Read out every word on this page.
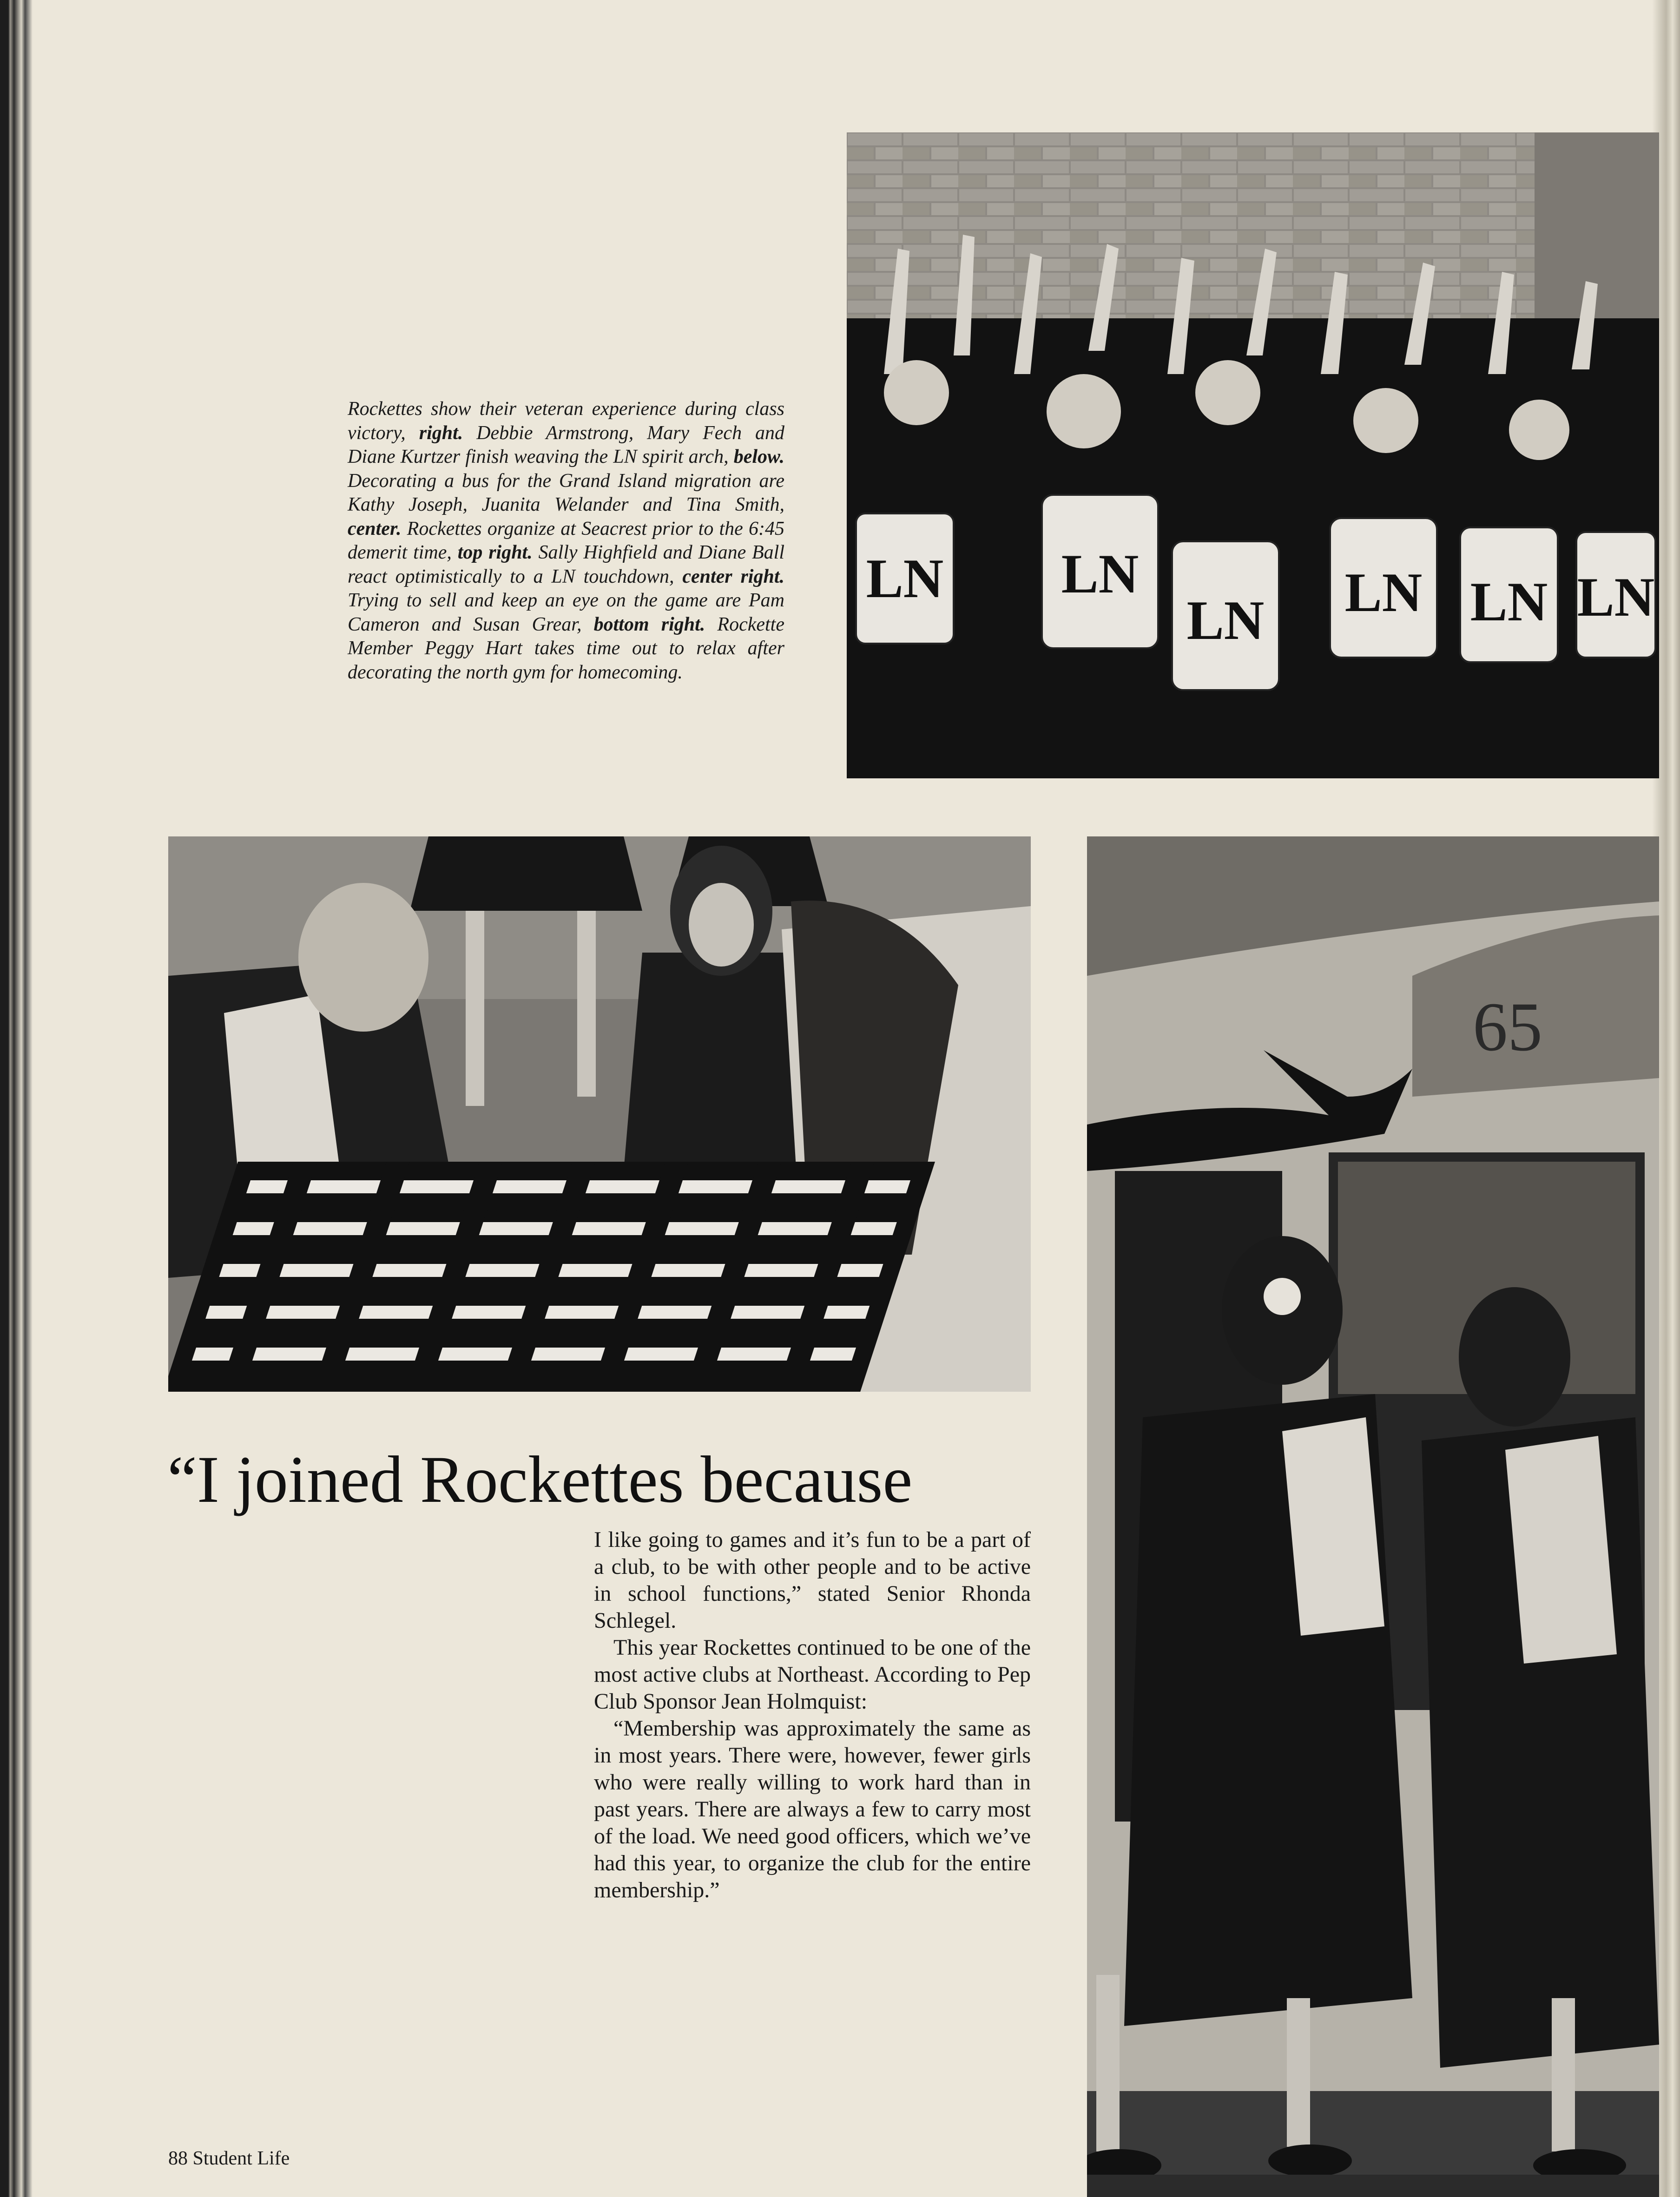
LN LN
LN LN LN LN
Rockettes show their veteran experience during class victory, right. Debbie Armstrong, Mary Fech and Diane Kurtzer finish weaving the LN spirit arch, below. Decorating a bus for the Grand Island migration are Kathy Joseph, Juanita Welander and Tina Smith, center. Rockettes organize at Seacrest prior to the 6:45 demerit time, top right. Sally Highfield and Diane Ball react optimistically to a LN touchdown, center right. Trying to sell and keep an eye on the game are Pam Cameron and Susan Grear, bottom right. Rockette Member Peggy Hart takes time out to relax after decorating the north gym for homecoming.
65
“I joined Rockettes because

I like going to games and it’s fun to be a part of a club, to be with other people and to be active in school functions,” stated Senior Rhonda Schlegel.

This year Rockettes continued to be one of the most active clubs at Northeast. According to Pep Club Sponsor Jean Holmquist:

“Membership was approximately the same as in most years. There were, however, fewer girls who were really willing to work hard than in past years. There are always a few to carry most of the load. We need good officers, which we’ve had this year, to organize the club for the entire membership.”

88 Student Life
